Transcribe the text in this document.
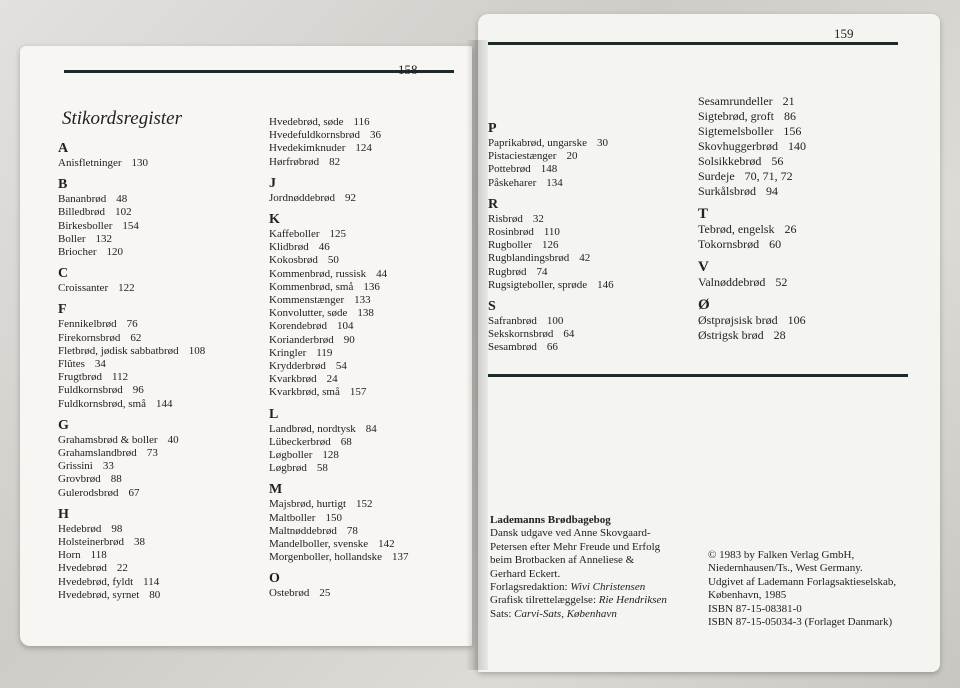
158
Stikordsregister
A
Anisfletninger 130
B
Bananbrød 48
Billedbrød 102
Birkesboller 154
Boller 132
Briocher 120
C
Croissanter 122
F
Fennikelbrød 76
Firekornsbrød 62
Fletbrød, jødisk sabbatbrød 108
Flûtes 34
Frugtbrød 112
Fuldkornsbrød 96
Fuldkornsbrød, små 144
G
Grahamsbrød & boller 40
Grahamslandbrød 73
Grissini 33
Grovbrød 88
Gulerodsbrød 67
H
Hedebrød 98
Holsteinerbrød 38
Horn 118
Hvedebrød 22
Hvedebrød, fyldt 114
Hvedebrød, syrnet 80
Hvedebrød, søde 116
Hvedefuldkornsbrød 36
Hvedekimknuder 124
Hørfrøbrød 82
J
Jordnøddebrød 92
K
Kaffeboller 125
Klidbrød 46
Kokosbrød 50
Kommenbrød, russisk 44
Kommenbrød, små 136
Kommenstænger 133
Konvolutter, søde 138
Korendebrød 104
Korianderbrød 90
Kringler 119
Krydderbrød 54
Kvarkbrød 24
Kvarkbrød, små 157
L
Landbrød, nordtysk 84
Lübeckerbrød 68
Løgboller 128
Løgbrød 58
M
Majsbrød, hurtigt 152
Maltboller 150
Maltnøddebrød 78
Mandelboller, svenske 142
Morgenboller, hollandske 137
O
Ostebrød 25
159
P
Paprikabrød, ungarske 30
Pistaciestænger 20
Pottebrød 148
Påskeharer 134
R
Risbrød 32
Rosinbrød 110
Rugboller 126
Rugblandingsbrød 42
Rugbrød 74
Rugsigteboller, sprøde 146
S
Safranbrød 100
Sekskornsbrød 64
Sesambrød 66
Sesamrundeller 21
Sigtebrød, groft 86
Sigtemelsboller 156
Skovhuggerbrød 140
Solsikkebrød 56
Surdeje 70, 71, 72
Surkålsbrød 94
T
Tebrød, engelsk 26
Tokornsbrød 60
V
Valnøddebrød 52
Ø
Østprøjsisk brød 106
Østrigsk brød 28
Lademanns Brødbagebog
Dansk udgave ved Anne Skovgaard-
Petersen efter Mehr Freude und Erfolg
beim Brotbacken af Anneliese &
Gerhard Eckert.
Forlagsredaktion: Wivi Christensen
Grafisk tilrettelæggelse: Rie Hendriksen
Sats: Carvi-Sats, København
© 1983 by Falken Verlag GmbH,
Niedernhausen/Ts., West Germany.
Udgivet af Lademann Forlagsaktieselskab,
København, 1985
ISBN 87-15-08381-0
ISBN 87-15-05034-3 (Forlaget Danmark)
